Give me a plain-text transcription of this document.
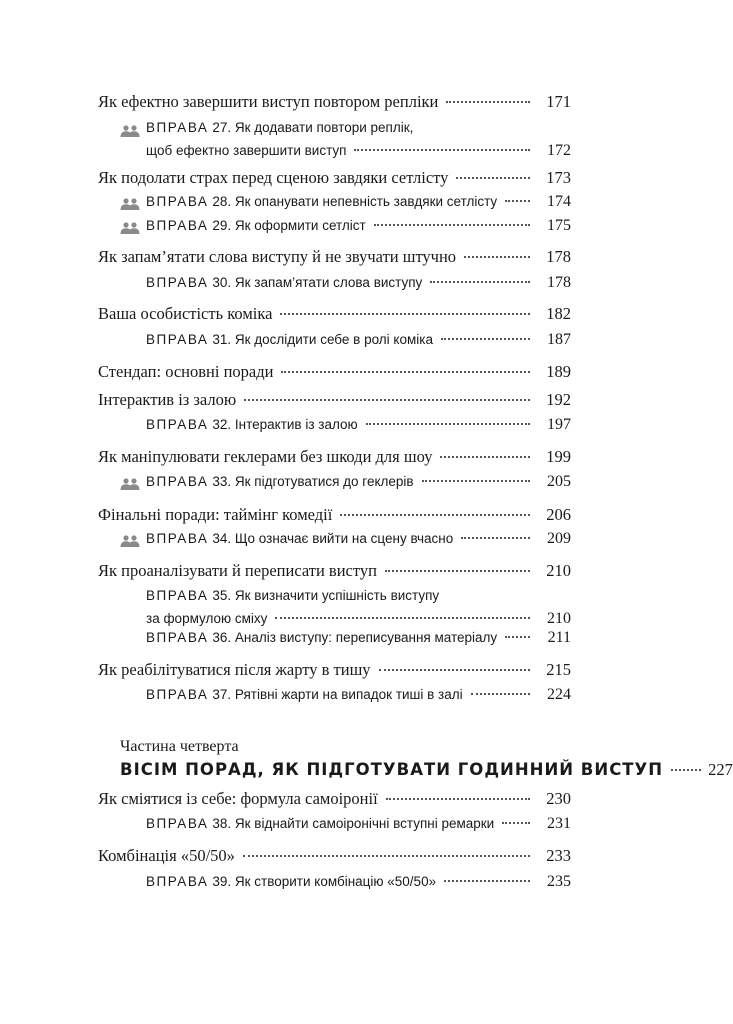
Як ефектно завершити виступ повтором репліки	171
ВПРАВА 27. Як додавати повтори реплік,
щоб ефектно завершити виступ	172
Як подолати страх перед сценою завдяки сетлісту	173
ВПРАВА 28. Як опанувати непевність завдяки сетлісту	174
ВПРАВА 29. Як оформити сетліст	175
Як запам’ятати слова виступу й не звучати штучно	178
ВПРАВА 30. Як запам’ятати слова виступу	178
Ваша особистість коміка	182
ВПРАВА 31. Як дослідити себе в ролі коміка	187
Стендап: основні поради	189
Інтерактив із залою	192
ВПРАВА 32. Інтерактив із залою	197
Як маніпулювати геклерами без шкоди для шоу	199
ВПРАВА 33. Як підготуватися до геклерів	205
Фінальні поради: таймінг комедії	206
ВПРАВА 34. Що означає вийти на сцену вчасно	209
Як проаналізувати й переписати виступ	210
ВПРАВА 35. Як визначити успішність виступу
за формулою сміху	210
ВПРАВА 36. Аналіз виступу: переписування матеріалу	211
Як реабілітуватися після жарту в тишу	215
ВПРАВА 37. Рятівні жарти на випадок тиші в залі	224
ВІСІМ ПОРАД, ЯК ПІДГОТУВАТИ ГОДИННИЙ ВИСТУП	227
Як сміятися із себе: формула самоіронії	230
ВПРАВА 38. Як віднайти самоіронічні вступні ремарки	231
Комбінація «50/50»	233
ВПРАВА 39. Як створити комбінацію «50/50»	235
Частина четверта
